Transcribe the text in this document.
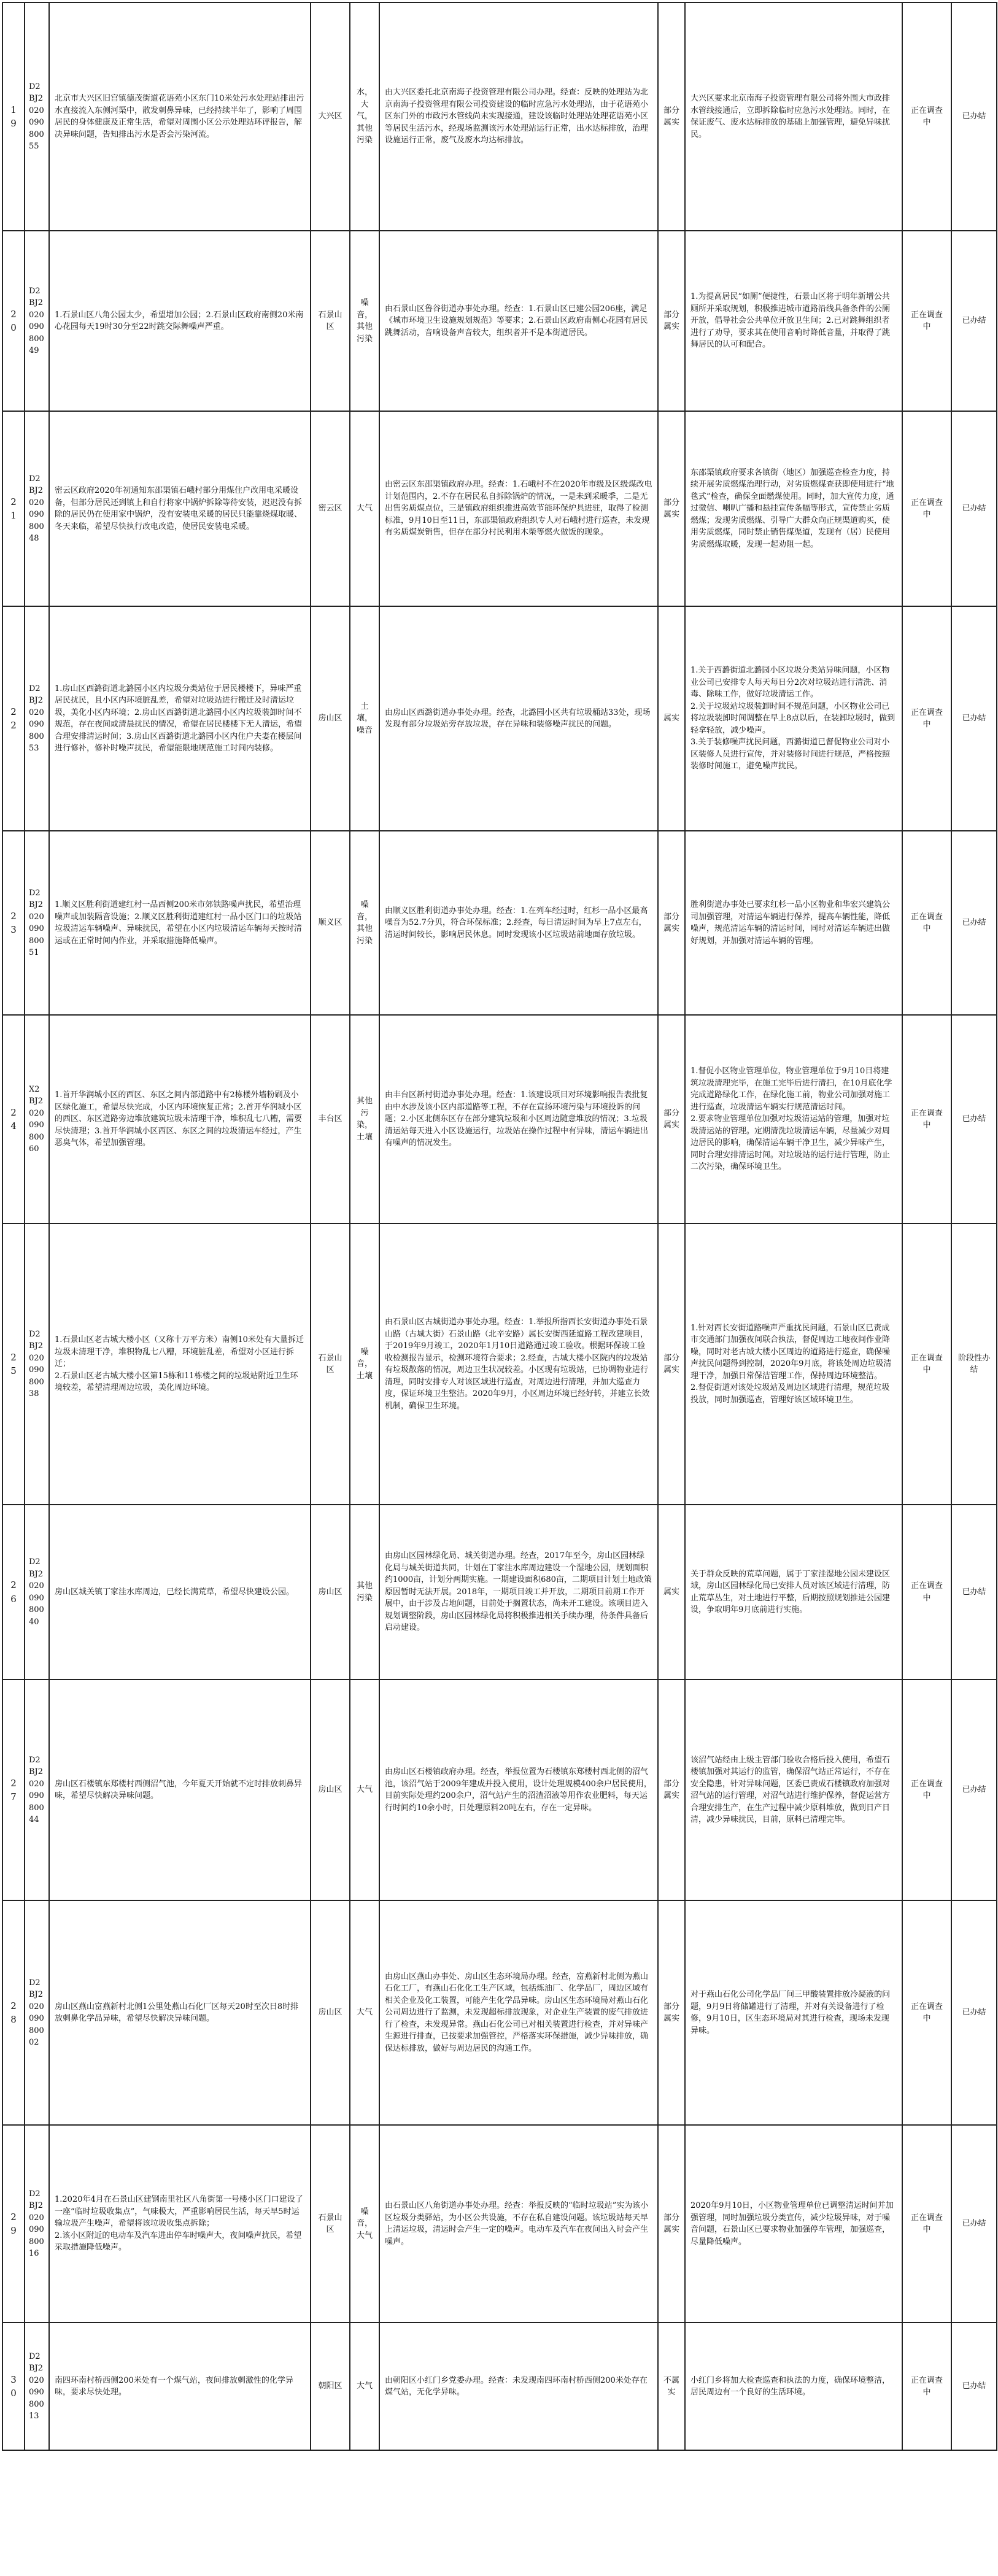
19	D2BJ202009080055	北京市大兴区旧宫镇德茂街道花语苑小区东门10米处污水处理站排出污水直接流入东侧河渠中，散发刺鼻异味，已经持续半年了，影响了周围居民的身体健康及正常生活，希望对周围小区公示处理站环评报告，解决异味问题，告知排出污水是否会污染河流。	大兴区	水，大气，其他污染	由大兴区委托北京南海子投资管理有限公司办理。经查：反映的处理站为北京南海子投资管理有限公司投资建设的临时应急污水处理站，由于花语苑小区东门外的市政污水管线尚未实现接通，建设该临时处理站处理花语苑小区等居民生活污水，经现场监测该污水处理站运行正常，出水达标排放，治理设施运行正常，废气及废水均达标排放。	部分属实	大兴区要求北京南海子投资管理有限公司将外围大市政排水管线接通后，立即拆除临时应急污水处理站。同时，在保证废气、废水达标排放的基础上加强管理，避免异味扰民。	正在调查中	已办结
20	D2BJ202009080049	1.石景山区八角公园太少，希望增加公园；2.石景山区政府南侧20米南心花园每天19时30分至22时跳交际舞噪声严重。	石景山区	噪音，其他污染	由石景山区鲁谷街道办事处办理。经查：1.石景山区已建公园206座，满足《城市环境卫生设施规划规范》等要求；2.石景山区政府南侧心花园有居民跳舞活动，音响设备声音较大，组织者并不是本街道居民。	部分属实	1.为提高居民“如厕”便捷性，石景山区将于明年新增公共厕所并采取规划，积极推进城市道路沿线具备条件的公厕开放，倡导社会公共单位开放卫生间；2.已对跳舞组织者进行了劝导，要求其在使用音响时降低音量，并取得了跳舞居民的认可和配合。	正在调查中	已办结
21	D2BJ202009080048	密云区政府2020年初通知东邵渠镇石峨村部分用煤住户改用电采暖设备，但部分居民还到镇上和自行将家中锅炉拆除等待安装，迟迟没有拆除的居民仍在使用家中锅炉，没有安装电采暖的居民只能靠烧煤取暖、冬天来临，希望尽快执行改电改造，使居民安装电采暖。	密云区	大气	由密云区东邵渠镇政府办理。经查：1.石峨村不在2020年市级及区级煤改电计划范围内，2.不存在居民私自拆除锅炉的情况，一是未到采暖季，二是无出售劣质煤点位，三是镇政府组织推进高效节能环保炉具进驻，取得了检测标准，9月10日至11日，东邵渠镇政府组织专人对石峨村进行巡查，未发现有劣质煤炭销售，但存在部分村民利用木柴等燃火做饭的现象。	部分属实	东邵渠镇政府要求各镇街（地区）加强巡查检查力度，持续开展劣质燃煤治理行动，对劣质燃煤查获即使用进行“地毯式”检查，确保全面燃煤使用。同时，加大宣传力度，通过微信、喇叭广播和悬挂宣传条幅等形式，宣传禁止劣质燃煤；发现劣质燃煤、引导广大群众向正规渠道购买，使用劣质燃煤，同时禁止销售煤渠道，发现有（居）民使用劣质燃煤取暖，发现一起劝阻一起。	正在调查中	已办结
22	D2BJ202009080053	1.房山区西潞街道北潞园小区内垃圾分类站位于居民楼楼下，异味严重居民扰民，且小区内环境脏乱差，希望对垃圾站进行搬迁及时清运垃圾，美化小区内环境；2.房山区西潞街道北潞园小区内垃圾装卸时间不规范，存在夜间或清晨扰民的情况，希望在居民楼楼下无人清运，希望合理安排清运时间；3.房山区西潞街道北潞园小区内住户夫妻在楼层间进行修补，修补时噪声扰民，希望能限地规范施工时间内装修。	房山区	土壤，噪音	由房山区西潞街道办事处办理。经查，北潞园小区共有垃圾桶站33处，现场发现有部分垃圾站旁存放垃圾，存在异味和装修噪声扰民的问题。	属实	1.关于西潞街道北潞园小区垃圾分类站异味问题，小区物业公司已安排专人每天每日分2次对垃圾站进行清洗、消毒、除味工作，做好垃圾清运工作。
2.关于垃圾站垃圾装卸时间不规范问题，小区物业公司已将垃圾装卸时间调整在早上8点以后，在装卸垃圾时，做到轻拿轻放，减少噪声。
3.关于装修噪声扰民问题，西潞街道已督促物业公司对小区装修人员进行宣传，并对装修时间进行规范，严格按照装修时间施工，避免噪声扰民。	正在调查中	已办结
23	D2BJ202009080051	1.顺义区胜利街道建红村一品西侧200米市郊铁路噪声扰民，希望治理噪声或加装隔音设施；2.顺义区胜利街道建红村一品小区门口的垃圾站垃圾清运车辆噪声、异味扰民，希望在小区内垃圾清运车辆每天按时清运或在正常时间内作业，并采取措施降低噪声。	顺义区	噪音，其他污染	由顺义区胜利街道办事处办理。经查：1.在列车经过时，红杉一品小区最高噪音为52.7分贝，符合环保标准；2.经查，每日清运时间为早上7点左右，清运时间较长，影响居民休息。同时发现该小区垃圾站前地面存放垃圾。	部分属实	胜利街道办事处已要求红杉一品小区物业和华宏兴建筑公司加强管理，对清运车辆进行保养，提高车辆性能，降低噪声，规范清运车辆的清运时间，同时对清运车辆进出做好规划，并加强对清运车辆的管理。	正在调查中	已办结
24	X2BJ202009080060	1.首开华润城小区的西区、东区之间内部道路中有2栋楼外墙粉刷及小区绿化施工，希望尽快完成，小区内环境恢复正常；2.首开华润城小区的西区、东区道路旁边堆放建筑垃圾未清理干净，堆积乱七八糟，需要尽快清理；3.首开华润城小区西区、东区之间的垃圾清运车经过，产生恶臭气体，希望加强管理。	丰台区	其他污染，土壤	由丰台区新村街道办事处办理。经查：1.该建设项目对环境影响报告表批复由中水涉及该小区内部道路等工程，不存在宣扬环境污染与环境投诉的问题；2.小区北侧东区存在部分建筑垃圾和小区周边随意堆放的情况；3.垃圾清运站每天进入小区设施运行，垃圾站在操作过程中有异味，清运车辆进出有噪声的情况发生。	部分属实	1.督促小区物业管理单位，物业管理单位于9月10日将建筑垃圾清理完毕，在施工完毕后进行清扫，在10月底化学完成道路绿化工作，在绿化施工前，物业公司加强对施工进行巡查，垃圾清运车辆实行规范清运时间。
2.要求物业管理单位加强对垃圾清运站的管理，加强对垃圾清运站的管理。定期清洗垃圾清运车辆，尽量减少对周边居民的影响，确保清运车辆干净卫生，减少异味产生，同时合理安排清运时间。对垃圾站的运行进行管理，防止二次污染，确保环境卫生。	正在调查中	已办结
25	D2BJ202009080038	1.石景山区老古城大楼小区（又称十万平方米）南侧10米处有大量拆迁垃圾未清理干净，堆积物乱七八糟，环境脏乱差，希望对小区进行拆迁；
2.石景山区老古城大楼小区第15栋和11栋楼之间的垃圾站附近卫生环境较差，希望清理周边垃圾，美化周边环境。	石景山区	噪音，土壤	由石景山区古城街道办事处办理。经查：1.举报所指西长安街道办事处石景山路（古城大街）石景山路（北辛安路）属长安街西延道路工程改建项目，于2019年9月竣工，2020年1月10日道路通过竣工验收。根据环保竣工验收检测报告显示，检测环境符合要求；2.经查，古城大楼小区院内的垃圾站有垃圾散落的情况，周边卫生状况较差。小区现有垃圾站，已协调物业进行清理，同时安排专人对该区域进行巡查，对周边进行清理，并加大巡查力度，保证环境卫生整洁。2020年9月，小区周边环境已经好转，并建立长效机制，确保卫生环境。	部分属实	1.针对西长安街道路噪声严重扰民问题，石景山区已责成市交通部门加强夜间联合执法，督促周边工地夜间作业降噪，同时对老古城大楼小区周边的道路进行巡查，确保噪声扰民问题得到控制，2020年9月底，将该处周边垃圾清理干净，加强日常保洁管理工作，保持周边环境整洁。
2.督促街道对该处垃圾站及周边区域进行清理，规范垃圾投放，同时加强巡查，管理好该区域环境卫生。	正在调查中	阶段性办结
26	D2BJ202009080040	房山区城关镇丁家洼水库周边，已经长满荒草，希望尽快建设公园。	房山区	其他污染	由房山区园林绿化局、城关街道办理。经查，2017年至今，房山区园林绿化局与城关街道共同，计划在丁家洼水库周边建设一个湿地公园，规划面积约1000亩，计划分两期实施。一期建设面积680亩，二期项目计划土地政策原因暂时无法开展。2018年，一期项目竣工并开放，二期项目前期工作开展中，由于涉及占地问题，目前处于搁置状态，尚未开工建设。该项目进入规划调整阶段，房山区园林绿化局将积极推进相关手续办理，待条件具备后启动建设。	属实	关于群众反映的荒草问题，属于丁家洼湿地公园未建设区域，房山区园林绿化局已安排人员对该区域进行清理，防止荒草丛生，对土地进行平整，后期按照规划推进公园建设，争取明年9月底前进行实施。	正在调查中	已办结
27	D2BJ202009080044	房山区石楼镇东郑楼村西侧沼气池，今年夏天开始就不定时排放刺鼻异味，希望尽快解决异味问题。	房山区	大气	由房山区石楼镇政府办理。经查，举报位置为石楼镇东郑楼村西北侧的沼气池，该沼气站于2009年建成并投入使用，设计处理规模400余户居民使用，目前实际处理约200余户，沼气站产生的沼渣沼液等用作农业肥料，每天运行时间约10余小时，日处理原料20吨左右，存在一定异味。	部分属实	该沼气站经由上级主管部门验收合格后投入使用，希望石楼镇加强对其运行的监管，确保沼气站正常运行，不存在安全隐患，针对异味问题，区委已责成石楼镇政府加强对沼气站的运行管理，对沼气站进行维护保养，督促运营方合理安排生产，在生产过程中减少原料堆放，做到日产日清，减少异味扰民，目前，原料已清理完毕。	正在调查中	已办结
28	D2BJ202009080002	房山区燕山富燕新村北侧1公里处燕山石化厂区每天20时至次日8时排放刺鼻化学品异味，希望尽快解决异味问题。	房山区	大气	由房山区燕山办事处、房山区生态环境局办理。经查，富燕新村北侧为燕山石化工厂，有燕山石化化工生产区域，包括炼油厂、化学品厂，周边区域有相关企业及化工装置，可能产生化学品异味。房山区生态环境局对燕山石化公司周边进行了监测，未发现超标排放现象，对企业生产装置的废气排放进行了检查，未发现异常。燕山石化公司已对相关装置进行检查，并对异味产生源进行排查，已按要求加强管控，严格落实环保措施，减少异味排放，确保达标排放，做好与周边居民的沟通工作。	部分属实	对于燕山石化公司化学品厂间三甲酸装置排放冷凝液的问题，9月9日将储罐进行了清理，并对有关设备进行了检修，9月10日，区生态环境局对其进行检查，现场未发现异味。	正在调查中	已办结
29	D2BJ202009080016	1.2020年4月在石景山区建钢南里社区八角街第一号楼小区门口建设了一座“临时垃圾收集点”，气味极大，严重影响居民生活，每天早5时运输垃圾产生噪声，希望将该垃圾收集点拆除；
2.该小区附近的电动车及汽车进出停车时噪声大，夜间噪声扰民，希望采取措施降低噪声。	石景山区	噪音，大气	由石景山区八角街道办事处办理。经查：举报反映的“临时垃圾站”实为该小区垃圾分类驿站，为小区公共设施，不存在私自建设问题。该垃圾站每天早上清运垃圾，清运时会产生一定的噪声。电动车及汽车在夜间出入时会产生噪声。	部分属实	2020年9月10日，小区物业管理单位已调整清运时间并加强管理，同时加强垃圾分类宣传，减少垃圾异味，对于噪音问题，石景山区已要求物业加强停车管理，加强巡查，尽量降低噪声。	正在调查中	已办结
30	D2BJ202009080013	南四环南村桥西侧200米处有一个煤气站，夜间排放刺激性的化学异味，要求尽快处理。	朝阳区	大气	由朝阳区小红门乡党委办理。经查：未发现南四环南村桥西侧200米处存在煤气站，无化学异味。	不属实	小红门乡将加大检查巡查和执法的力度，确保环境整洁，居民周边有一个良好的生活环境。	正在调查中	已办结
